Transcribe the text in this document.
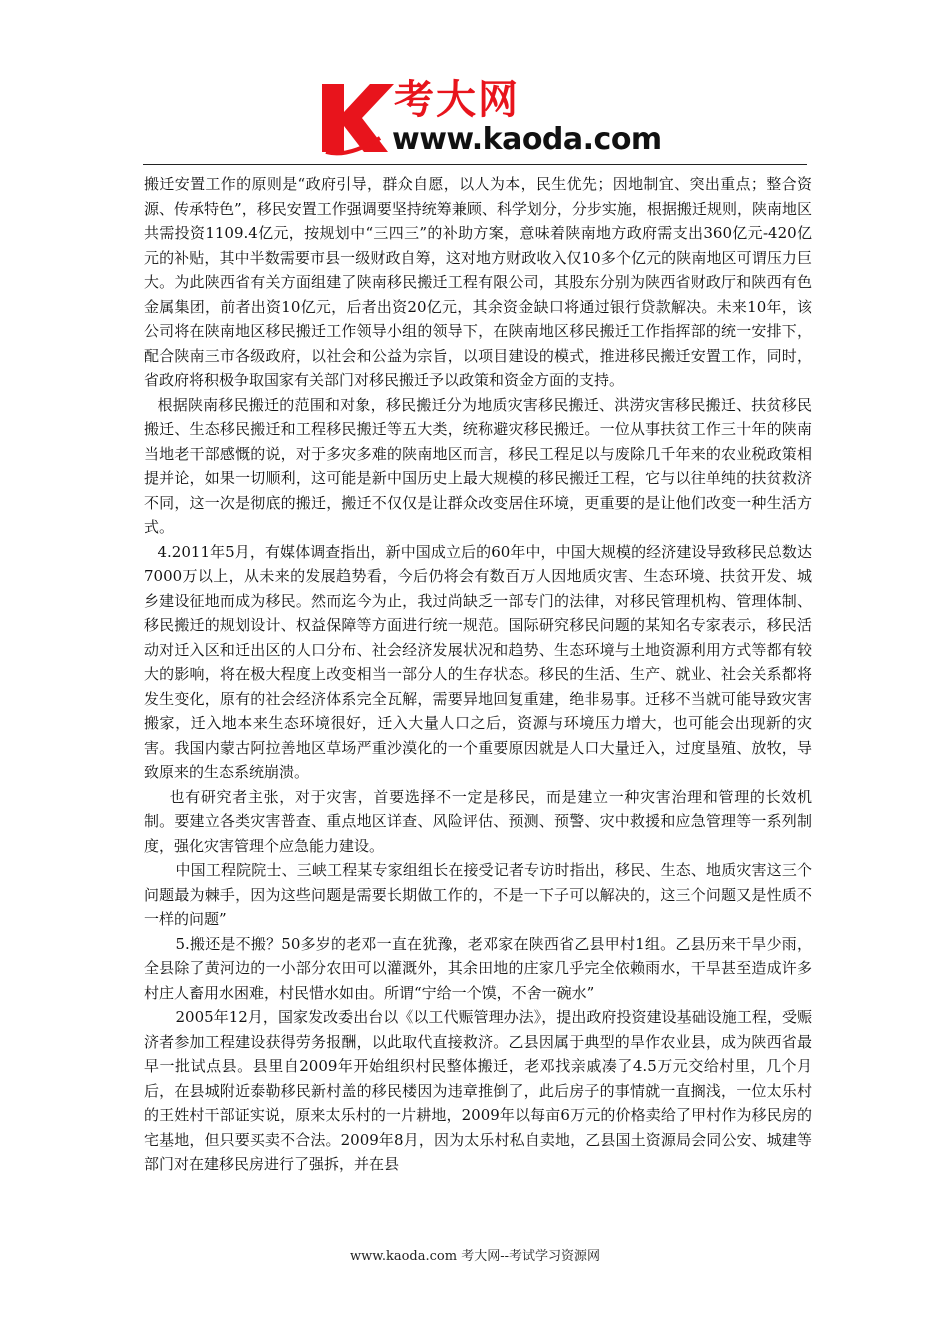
考大网
www.kaoda.com

搬迁安置工作的原则是“政府引导，群众自愿，以人为本，民生优先；因地制宜、突出重点；整合资源、传承特色”，移民安置工作强调要坚持统筹兼顾、科学划分，分步实施，根据搬迁规则，陕南地区共需投资1109.4亿元，按规划中“三四三”的补助方案，意味着陕南地方政府需支出360亿元-420亿元的补贴，其中半数需要市县一级财政自筹，这对地方财政收入仅10多个亿元的陕南地区可谓压力巨大。为此陕西省有关方面组建了陕南移民搬迁工程有限公司，其股东分别为陕西省财政厅和陕西有色金属集团，前者出资10亿元，后者出资20亿元，其余资金缺口将通过银行贷款解决。未来10年，该公司将在陕南地区移民搬迁工作领导小组的领导下，在陕南地区移民搬迁工作指挥部的统一安排下，配合陕南三市各级政府，以社会和公益为宗旨，以项目建设的模式，推进移民搬迁安置工作，同时，省政府将积极争取国家有关部门对移民搬迁予以政策和资金方面的支持。

根据陕南移民搬迁的范围和对象，移民搬迁分为地质灾害移民搬迁、洪涝灾害移民搬迁、扶贫移民搬迁、生态移民搬迁和工程移民搬迁等五大类，统称避灾移民搬迁。一位从事扶贫工作三十年的陕南当地老干部感慨的说，对于多灾多难的陕南地区而言，移民工程足以与废除几千年来的农业税政策相提并论，如果一切顺利，这可能是新中国历史上最大规模的移民搬迁工程，它与以往单纯的扶贫救济不同，这一次是彻底的搬迁，搬迁不仅仅是让群众改变居住环境，更重要的是让他们改变一种生活方式。

4.2011年5月，有媒体调查指出，新中国成立后的60年中，中国大规模的经济建设导致移民总数达7000万以上，从未来的发展趋势看，今后仍将会有数百万人因地质灾害、生态环境、扶贫开发、城乡建设征地而成为移民。然而迄今为止，我过尚缺乏一部专门的法律，对移民管理机构、管理体制、移民搬迁的规划设计、权益保障等方面进行统一规范。国际研究移民问题的某知名专家表示，移民活动对迁入区和迁出区的人口分布、社会经济发展状况和趋势、生态环境与土地资源利用方式等都有较大的影响，将在极大程度上改变相当一部分人的生存状态。移民的生活、生产、就业、社会关系都将发生变化，原有的社会经济体系完全瓦解，需要异地回复重建，绝非易事。迁移不当就可能导致灾害搬家，迁入地本来生态环境很好，迁入大量人口之后，资源与环境压力增大，也可能会出现新的灾害。我国内蒙古阿拉善地区草场严重沙漠化的一个重要原因就是人口大量迁入，过度垦殖、放牧，导致原来的生态系统崩溃。

也有研究者主张，对于灾害，首要选择不一定是移民，而是建立一种灾害治理和管理的长效机制。要建立各类灾害普查、重点地区详查、风险评估、预测、预警、灾中救援和应急管理等一系列制度，强化灾害管理个应急能力建设。

中国工程院院士、三峡工程某专家组组长在接受记者专访时指出，移民、生态、地质灾害这三个问题最为棘手，因为这些问题是需要长期做工作的，不是一下子可以解决的，这三个问题又是性质不一样的问题”

5.搬还是不搬？50多岁的老邓一直在犹豫，老邓家在陕西省乙县甲村1组。乙县历来干旱少雨，全县除了黄河边的一小部分农田可以灌溉外，其余田地的庄家几乎完全依赖雨水，干旱甚至造成许多村庄人畜用水困难，村民惜水如由。所谓“宁给一个馍，不舍一碗水”

2005年12月，国家发改委出台以《以工代赈管理办法》，提出政府投资建设基础设施工程，受赈济者参加工程建设获得劳务报酬，以此取代直接救济。乙县因属于典型的旱作农业县，成为陕西省最早一批试点县。县里自2009年开始组织村民整体搬迁，老邓找亲戚凑了4.5万元交给村里，几个月后，在县城附近泰勒移民新村盖的移民楼因为违章推倒了，此后房子的事情就一直搁浅，一位太乐村的王姓村干部证实说，原来太乐村的一片耕地，2009年以每亩6万元的价格卖给了甲村作为移民房的宅基地，但只要买卖不合法。2009年8月，因为太乐村私自卖地，乙县国土资源局会同公安、城建等部门对在建移民房进行了强拆，并在县

www.kaoda.com 考大网--考试学习资源网
